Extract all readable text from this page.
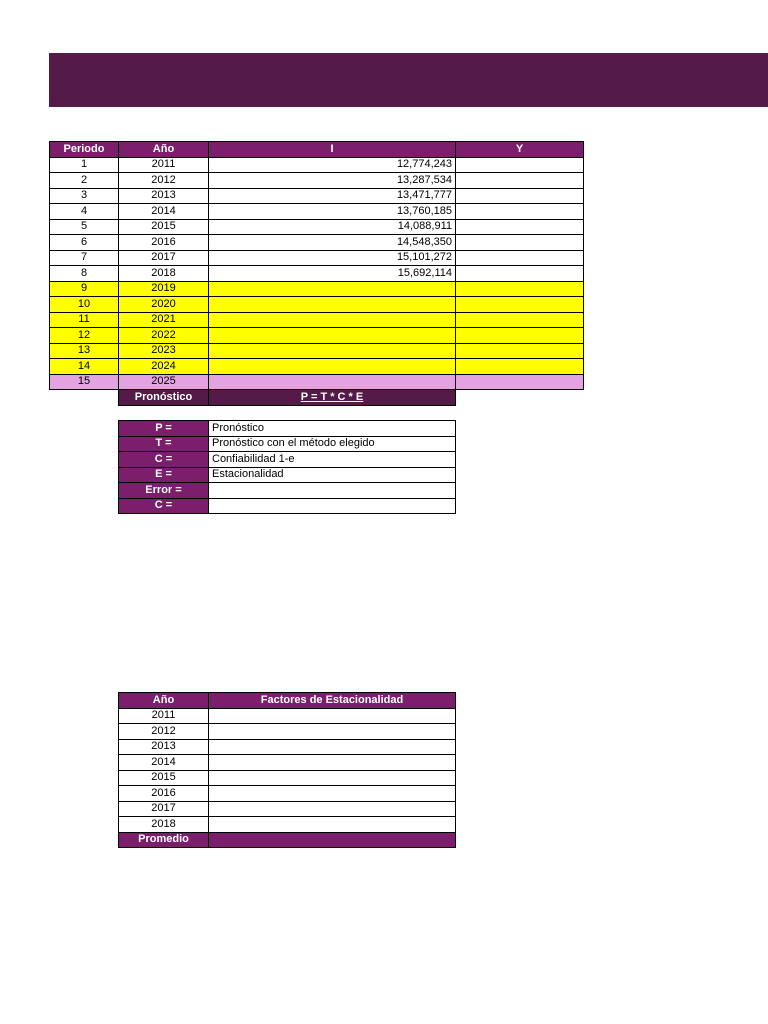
Periodo	Año	I	Y
1	2011	12,774,243	
2	2012	13,287,534	
3	2013	13,471,777	
4	2014	13,760,185	
5	2015	14,088,911	
6	2016	14,548,350	
7	2017	15,101,272	
8	2018	15,692,114	
9	2019		
10	2020		
11	2021		
12	2022		
13	2023		
14	2024		
15	2025		
Pronóstico	P = T * C * E
P =	Pronóstico
T =	Pronóstico con el método elegido
C =	Confiabilidad 1-e
E =	Estacionalidad
Error =	
C =	
Año	Factores de Estacionalidad
2011	
2012	
2013	
2014	
2015	
2016	
2017	
2018	
Promedio	
